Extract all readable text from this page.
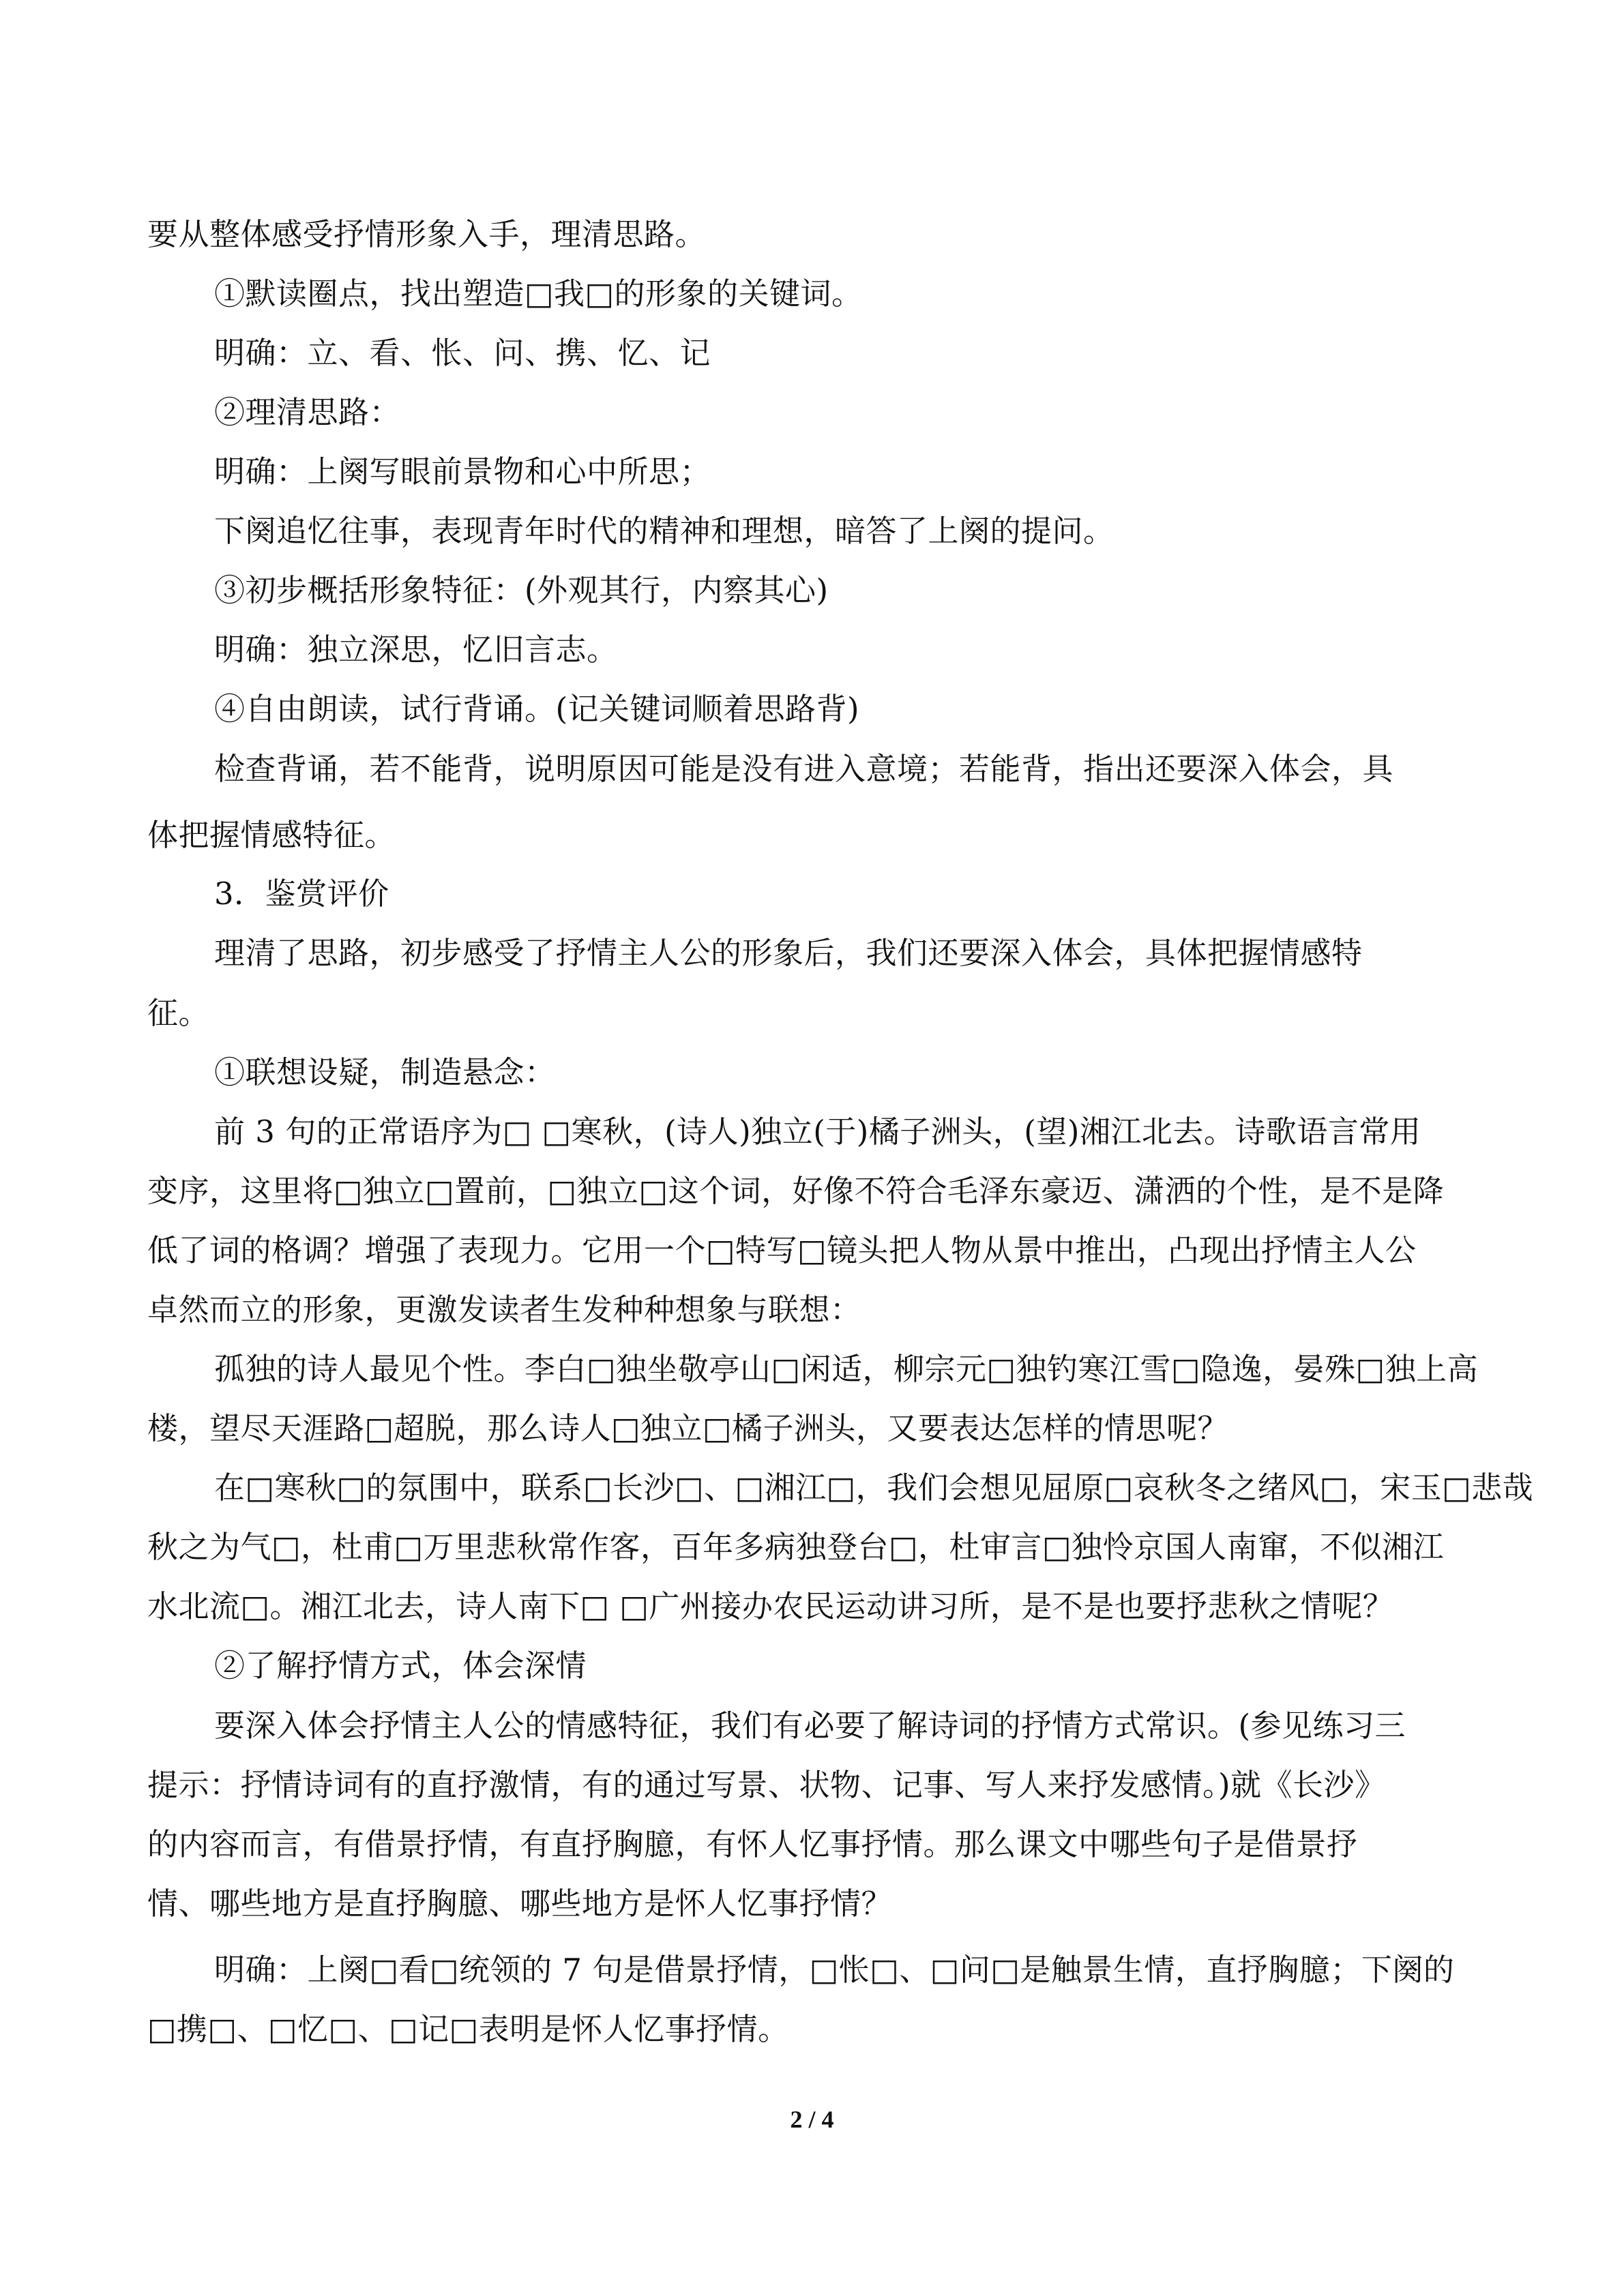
要从整体感受抒情形象入手，理清思路。
①默读圈点，找出塑造□我□的形象的关键词。
明确：立、看、怅、问、携、忆、记
②理清思路：
明确：上阕写眼前景物和心中所思；
下阕追忆往事，表现青年时代的精神和理想，暗答了上阕的提问。
③初步概括形象特征：(外观其行，内察其心)
明确：独立深思，忆旧言志。
④自由朗读，试行背诵。(记关键词顺着思路背)
检查背诵，若不能背，说明原因可能是没有进入意境；若能背，指出还要深入体会，具
体把握情感特征。
3．鉴赏评价
理清了思路，初步感受了抒情主人公的形象后，我们还要深入体会，具体把握情感特
征。
①联想设疑，制造悬念：
前 3 句的正常语序为□ □寒秋，(诗人)独立(于)橘子洲头，(望)湘江北去。诗歌语言常用
变序，这里将□独立□置前，□独立□这个词，好像不符合毛泽东豪迈、潇洒的个性，是不是降
低了词的格调？增强了表现力。它用一个□特写□镜头把人物从景中推出，凸现出抒情主人公
卓然而立的形象，更激发读者生发种种想象与联想：
孤独的诗人最见个性。李白□独坐敬亭山□闲适，柳宗元□独钓寒江雪□隐逸，晏殊□独上高
楼，望尽天涯路□超脱，那么诗人□独立□橘子洲头，又要表达怎样的情思呢？
在□寒秋□的氛围中，联系□长沙□、□湘江□，我们会想见屈原□哀秋冬之绪风□，宋玉□悲哉
秋之为气□，杜甫□万里悲秋常作客，百年多病独登台□，杜审言□独怜京国人南窜，不似湘江
水北流□。湘江北去，诗人南下□ □广州接办农民运动讲习所，是不是也要抒悲秋之情呢？
②了解抒情方式，体会深情
要深入体会抒情主人公的情感特征，我们有必要了解诗词的抒情方式常识。(参见练习三
提示：抒情诗词有的直抒激情，有的通过写景、状物、记事、写人来抒发感情。)就《长沙》
的内容而言，有借景抒情，有直抒胸臆，有怀人忆事抒情。那么课文中哪些句子是借景抒
情、哪些地方是直抒胸臆、哪些地方是怀人忆事抒情？
明确：上阕□看□统领的 7 句是借景抒情，□怅□、□问□是触景生情，直抒胸臆；下阕的
□携□、□忆□、□记□表明是怀人忆事抒情。
2 / 4
